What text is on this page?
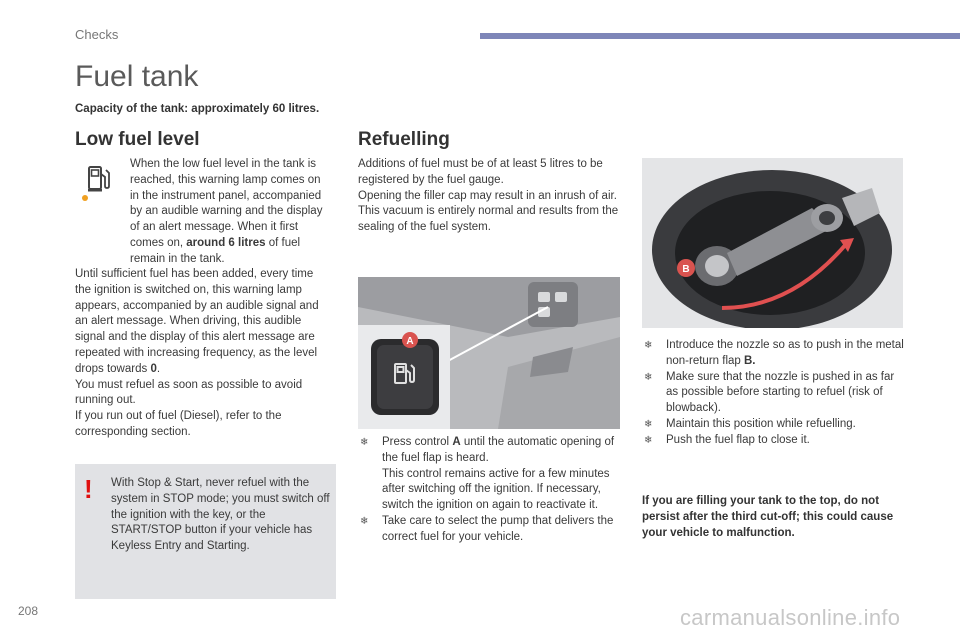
Checks
Fuel tank
Capacity of the tank: approximately 60 litres.
Low fuel level	Refuelling
When the low fuel level in the tank is reached, this warning lamp comes on in the instrument panel, accompanied by an audible warning and the display of an alert message. When it first comes on, around 6 litres of fuel remain in the tank.
Until sufficient fuel has been added, every time the ignition is switched on, this warning lamp appears, accompanied by an audible signal and an alert message. When driving, this audible signal and the display of this alert message are repeated with increasing frequency, as the level drops towards 0.
You must refuel as soon as possible to avoid running out.
If you run out of fuel (Diesel), refer to the corresponding section.
! With Stop & Start, never refuel with the system in STOP mode; you must switch off the ignition with the key, or the START/STOP button if your vehicle has Keyless Entry and Starting.
Additions of fuel must be of at least 5 litres to be registered by the fuel gauge.
Opening the filler cap may result in an inrush of air. This vacuum is entirely normal and results from the sealing of the fuel system.
A
B
❄ Press control A until the automatic opening of the fuel flap is heard.
This control remains active for a few minutes after switching off the ignition. If necessary, switch the ignition on again to reactivate it.
❄ Take care to select the pump that delivers the correct fuel for your vehicle.
❄ Introduce the nozzle so as to push in the metal non-return flap B.
❄ Make sure that the nozzle is pushed in as far as possible before starting to refuel (risk of blowback).
❄ Maintain this position while refuelling.
❄ Push the fuel flap to close it.
If you are filling your tank to the top, do not persist after the third cut-off; this could cause your vehicle to malfunction.
208	carmanualsonline.info
